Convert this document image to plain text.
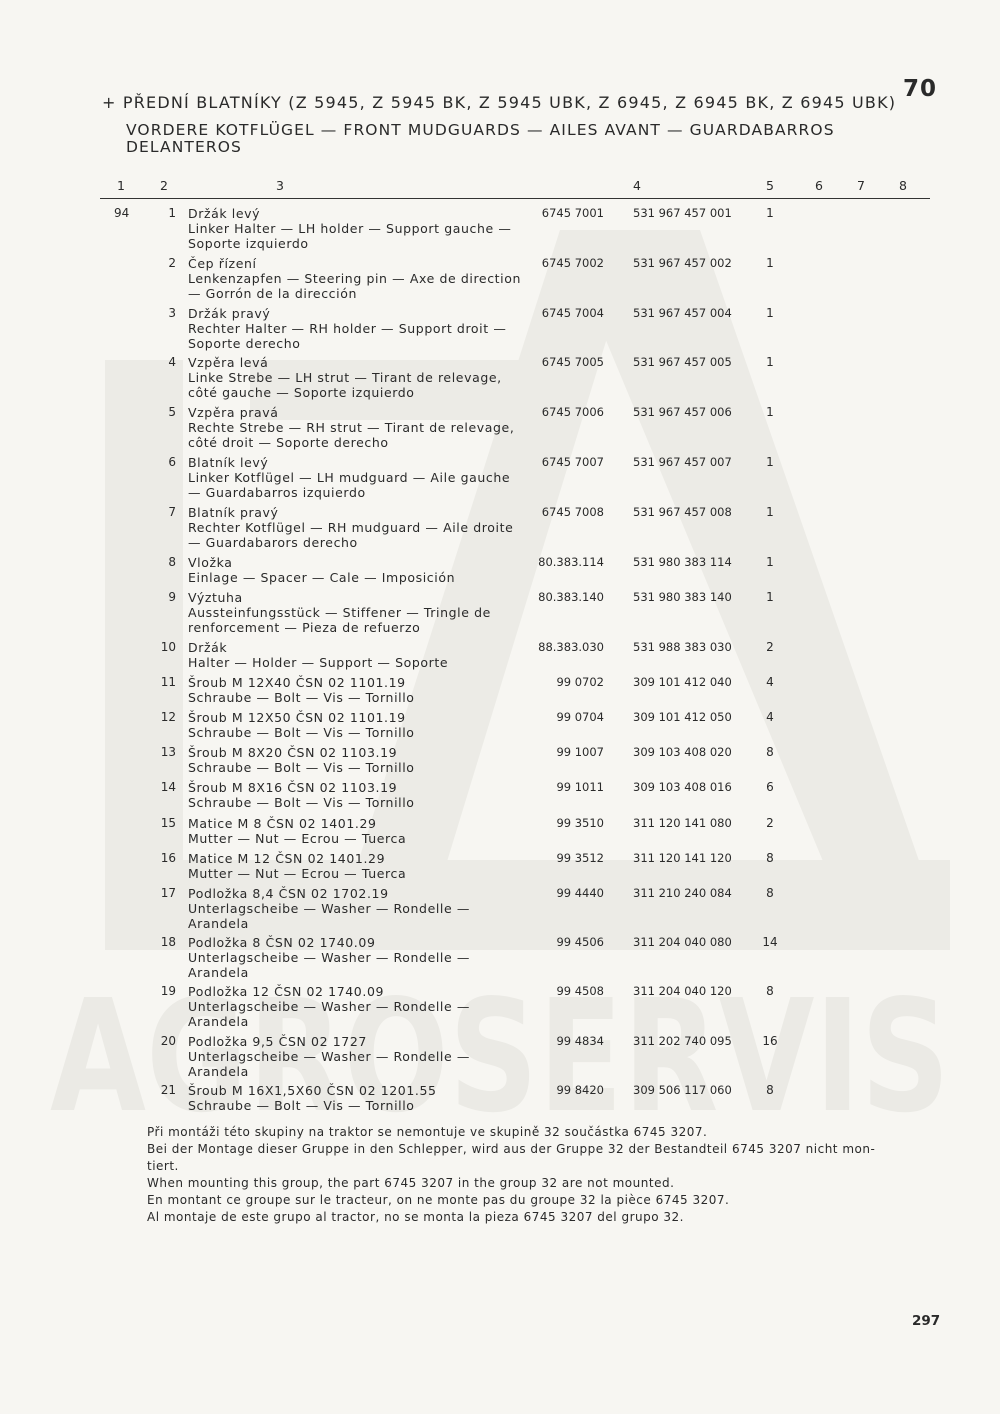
AGROSERVIS
+ PŘEDNÍ BLATNÍKY (Z 5945, Z 5945 BK, Z 5945 UBK, Z 6945, Z 6945 BK, Z 6945 UBK)
VORDERE KOTFLÜGEL — FRONT MUDGUARDS — AILES AVANT — GUARDABARROS DELANTEROS
70
1	2	3	4	5	6	7	8
94	1 Držák levý
Linker Halter — LH holder — Support gauche —
Soporte izquierdo
6745 7001	531 967 457 001	1
2 Čep řízení
Lenkenzapfen — Steering pin — Axe de direction
— Gorrón de la dirección
6745 7002	531 967 457 002	1
3 Držák pravý
Rechter Halter — RH holder — Support droit —
Soporte derecho
6745 7004	531 967 457 004	1
4 Vzpěra levá
Linke Strebe — LH strut — Tirant de relevage,
côté gauche — Soporte izquierdo
6745 7005	531 967 457 005	1
5 Vzpěra pravá
Rechte Strebe — RH strut — Tirant de relevage,
côté droit — Soporte derecho
6745 7006	531 967 457 006	1
6 Blatník levý
Linker Kotflügel — LH mudguard — Aile gauche
— Guardabarros izquierdo
6745 7007	531 967 457 007	1
7 Blatník pravý
Rechter Kotflügel — RH mudguard — Aile droite
— Guardabarors derecho
6745 7008	531 967 457 008	1
8 Vložka
Einlage — Spacer — Cale — Imposición
80.383.114	531 980 383 114	1
9 Výztuha
Aussteinfungsstück — Stiffener — Tringle de
renforcement — Pieza de refuerzo
80.383.140	531 980 383 140	1
10 Držák
Halter — Holder — Support — Soporte
88.383.030	531 988 383 030	2
11 Šroub M 12X40 ČSN 02 1101.19
Schraube — Bolt — Vis — Tornillo
99 0702	309 101 412 040	4
12 Šroub M 12X50 ČSN 02 1101.19
Schraube — Bolt — Vis — Tornillo
99 0704	309 101 412 050	4
13 Šroub M 8X20 ČSN 02 1103.19
Schraube — Bolt — Vis — Tornillo
99 1007	309 103 408 020	8
14 Šroub M 8X16 ČSN 02 1103.19
Schraube — Bolt — Vis — Tornillo
99 1011	309 103 408 016	6
15 Matice M 8 ČSN 02 1401.29
Mutter — Nut — Ecrou — Tuerca
99 3510	311 120 141 080	2
16 Matice M 12 ČSN 02 1401.29
Mutter — Nut — Ecrou — Tuerca
99 3512	311 120 141 120	8
17 Podložka 8,4 ČSN 02 1702.19
Unterlagscheibe — Washer — Rondelle —
Arandela
99 4440	311 210 240 084	8
18 Podložka 8 ČSN 02 1740.09
Unterlagscheibe — Washer — Rondelle —
Arandela
99 4506	311 204 040 080	14
19 Podložka 12 ČSN 02 1740.09
Unterlagscheibe — Washer — Rondelle —
Arandela
99 4508	311 204 040 120	8
20 Podložka 9,5 ČSN 02 1727
Unterlagscheibe — Washer — Rondelle —
Arandela
99 4834	311 202 740 095	16
21 Šroub M 16X1,5X60 ČSN 02 1201.55
Schraube — Bolt — Vis — Tornillo
99 8420	309 506 117 060	8
Při montáži této skupiny na traktor se nemontuje ve skupině 32 součástka 6745 3207.
Bei der Montage dieser Gruppe in den Schlepper, wird aus der Gruppe 32 der Bestandteil 6745 3207 nicht mon-
tiert.
When mounting this group, the part 6745 3207 in the group 32 are not mounted.
En montant ce groupe sur le tracteur, on ne monte pas du groupe 32 la pièce 6745 3207.
Al montaje de este grupo al tractor, no se monta la pieza 6745 3207 del grupo 32.
297
